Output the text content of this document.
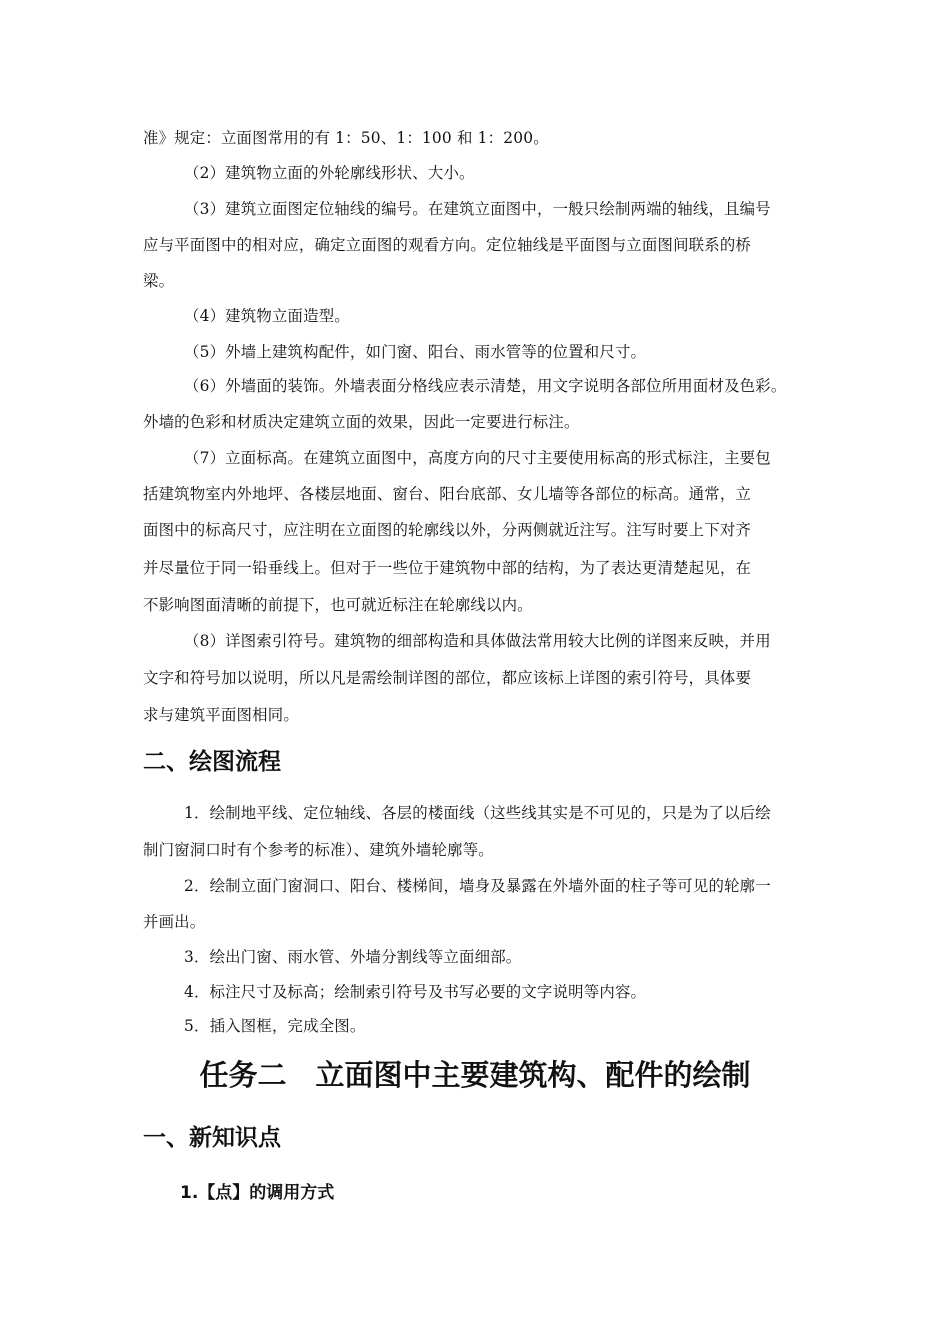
准》规定：立面图常用的有 1：50、1：100 和 1：200。
（2）建筑物立面的外轮廓线形状、大小。
（3）建筑立面图定位轴线的编号。在建筑立面图中，一般只绘制两端的轴线，且编号
应与平面图中的相对应，确定立面图的观看方向。定位轴线是平面图与立面图间联系的桥
梁。
（4）建筑物立面造型。
（5）外墙上建筑构配件，如门窗、阳台、雨水管等的位置和尺寸。
（6）外墙面的装饰。外墙表面分格线应表示清楚，用文字说明各部位所用面材及色彩。
外墙的色彩和材质决定建筑立面的效果，因此一定要进行标注。
（7）立面标高。在建筑立面图中，高度方向的尺寸主要使用标高的形式标注，主要包
括建筑物室内外地坪、各楼层地面、窗台、阳台底部、女儿墙等各部位的标高。通常，立
面图中的标高尺寸，应注明在立面图的轮廓线以外，分两侧就近注写。注写时要上下对齐
并尽量位于同一铅垂线上。但对于一些位于建筑物中部的结构，为了表达更清楚起见，在
不影响图面清晰的前提下，也可就近标注在轮廓线以内。
（8）详图索引符号。建筑物的细部构造和具体做法常用较大比例的详图来反映，并用
文字和符号加以说明，所以凡是需绘制详图的部位，都应该标上详图的索引符号，具体要
求与建筑平面图相同。
二、绘图流程
1．绘制地平线、定位轴线、各层的楼面线（这些线其实是不可见的，只是为了以后绘
制门窗洞口时有个参考的标准）、建筑外墙轮廓等。
2．绘制立面门窗洞口、阳台、楼梯间，墙身及暴露在外墙外面的柱子等可见的轮廓一
并画出。
3．绘出门窗、雨水管、外墙分割线等立面细部。
4．标注尺寸及标高；绘制索引符号及书写必要的文字说明等内容。
5．插入图框，完成全图。
任务二　立面图中主要建筑构、配件的绘制
一、新知识点
1.【点】的调用方式
